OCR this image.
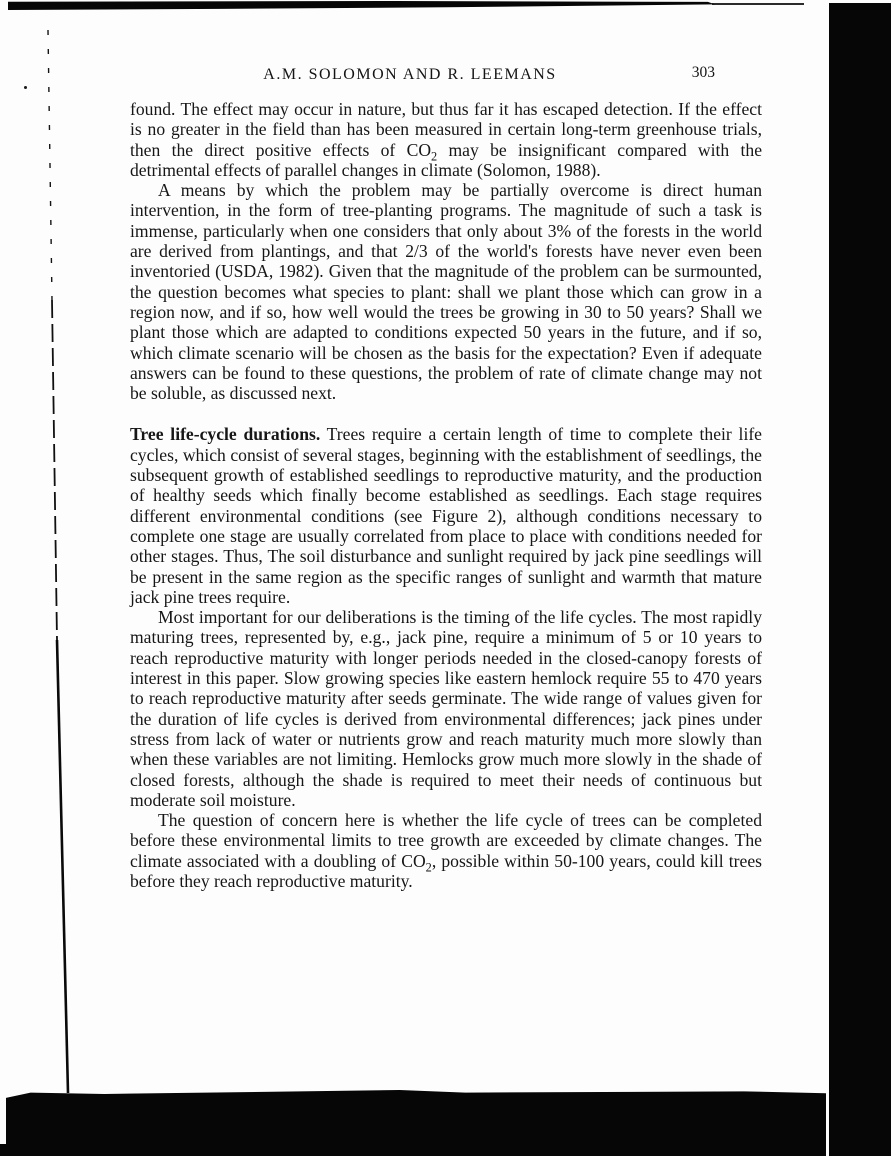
A.M. SOLOMON AND R. LEEMANS	303

found. The effect may occur in nature, but thus far it has escaped detection. If the effect is no greater in the field than has been measured in certain long-term greenhouse trials, then the direct positive effects of $CO_2$ may be insignificant compared with the detrimental effects of parallel changes in climate (Solomon, 1988).

A means by which the problem may be partially overcome is direct human intervention, in the form of tree-planting programs. The magnitude of such a task is immense, particularly when one considers that only about 3% of the forests in the world are derived from plantings, and that 2/3 of the world's forests have never even been inventoried (USDA, 1982). Given that the magnitude of the problem can be surmounted, the question becomes what species to plant: shall we plant those which can grow in a region now, and if so, how well would the trees be growing in 30 to 50 years? Shall we plant those which are adapted to conditions expected 50 years in the future, and if so, which climate scenario will be chosen as the basis for the expectation? Even if adequate answers can be found to these questions, the problem of rate of climate change may not be soluble, as discussed next.

Tree life-cycle durations. Trees require a certain length of time to complete their life cycles, which consist of several stages, beginning with the establishment of seedlings, the subsequent growth of established seedlings to reproductive maturity, and the production of healthy seeds which finally become established as seedlings. Each stage requires different environmental conditions (see Figure 2), although conditions necessary to complete one stage are usually correlated from place to place with conditions needed for other stages. Thus, The soil disturbance and sunlight required by jack pine seedlings will be present in the same region as the specific ranges of sunlight and warmth that mature jack pine trees require.

Most important for our deliberations is the timing of the life cycles. The most rapidly maturing trees, represented by, e.g., jack pine, require a minimum of 5 or 10 years to reach reproductive maturity with longer periods needed in the closed-canopy forests of interest in this paper. Slow growing species like eastern hemlock require 55 to 470 years to reach reproductive maturity after seeds germinate. The wide range of values given for the duration of life cycles is derived from environmental differences; jack pines under stress from lack of water or nutrients grow and reach maturity much more slowly than when these variables are not limiting. Hemlocks grow much more slowly in the shade of closed forests, although the shade is required to meet their needs of continuous but moderate soil moisture.

The question of concern here is whether the life cycle of trees can be completed before these environmental limits to tree growth are exceeded by climate changes. The climate associated with a doubling of $CO_2$, possible within 50-100 years, could kill trees before they reach reproductive maturity.
